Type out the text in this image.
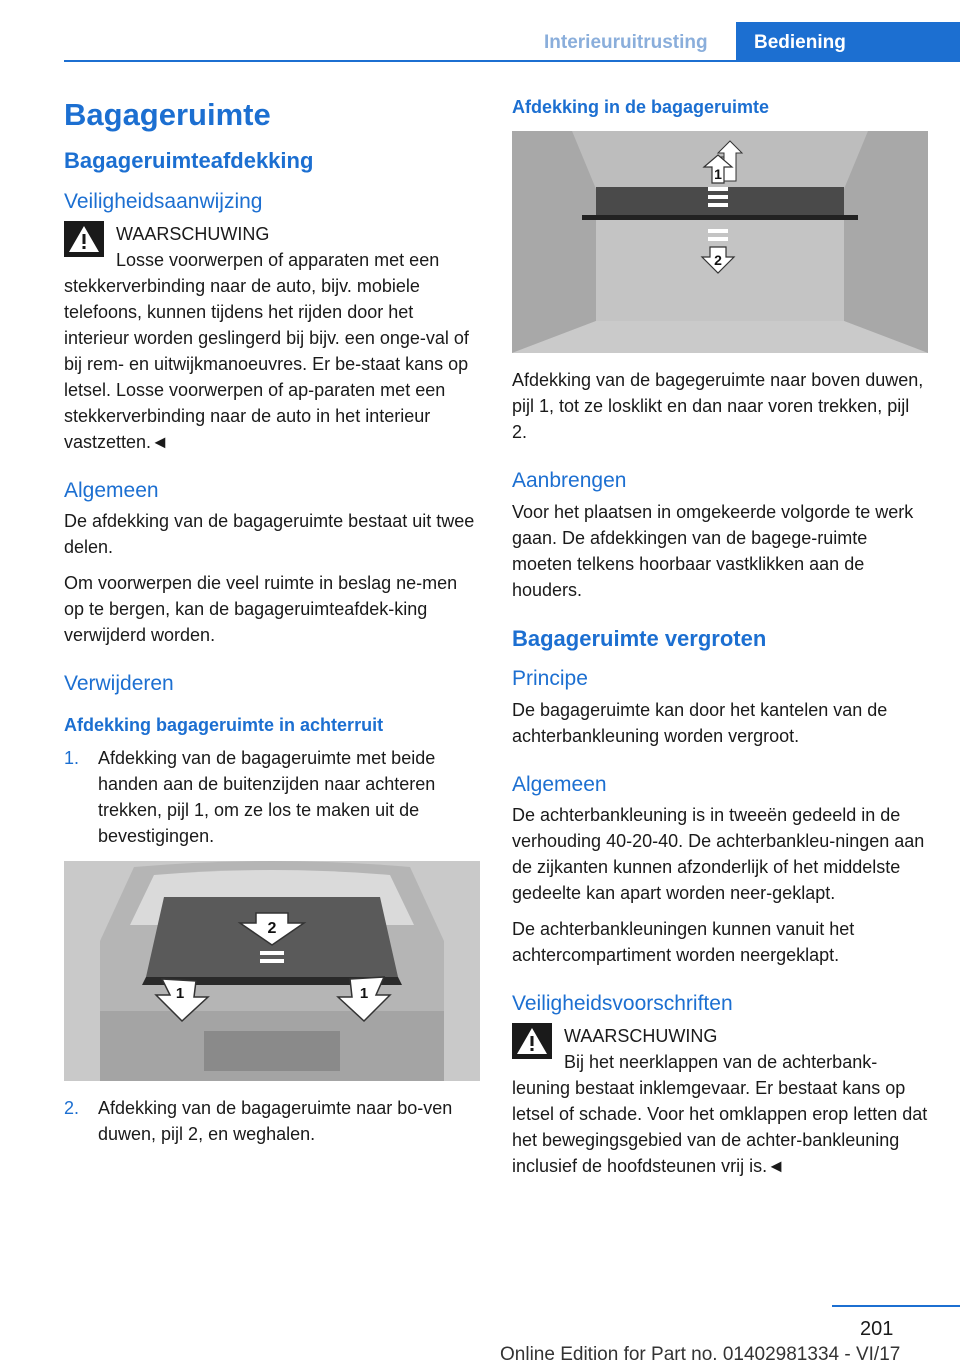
Interieuruitrusting	Bediening
Bagageruimte
Bagageruimteafdekking
Veiligheidsaanwijzing
WAARSCHUWING
Losse voorwerpen of apparaten met een
stekkerverbinding naar de auto, bijv. mobiele telefoons, kunnen tijdens het rijden door het interieur worden geslingerd bij bijv. een onge-val of bij rem- en uitwijkmanoeuvres. Er be-staat kans op letsel. Losse voorwerpen of ap-paraten met een stekkerverbinding naar de auto in het interieur vastzetten.◄
Algemeen

De afdekking van de bagageruimte bestaat uit twee delen.

Om voorwerpen die veel ruimte in beslag ne-men op te bergen, kan de bagageruimteafdek-king verwijderd worden.

Verwijderen
Afdekking bagageruimte in achterruit
1. Afdekking van de bagageruimte met beide handen aan de buitenzijden naar achteren trekken, pijl 1, om ze los te maken uit de bevestigingen.
2
1	1
2. Afdekking van de bagageruimte naar bo-ven duwen, pijl 2, en weghalen.
Afdekking in de bagageruimte
1
2

Afdekking van de bagegeruimte naar boven duwen, pijl 1, tot ze losklikt en dan naar voren trekken, pijl 2.

Aanbrengen

Voor het plaatsen in omgekeerde volgorde te werk gaan. De afdekkingen van de bagege-ruimte moeten telkens hoorbaar vastklikken aan de houders.

Bagageruimte vergroten
Principe

De bagageruimte kan door het kantelen van de achterbankleuning worden vergroot.

Algemeen

De achterbankleuning is in tweeën gedeeld in de verhouding 40-20-40. De achterbankleu-ningen aan de zijkanten kunnen afzonderlijk of het middelste gedeelte kan apart worden neer-geklapt.

De achterbankleuningen kunnen vanuit het achtercompartiment worden neergeklapt.

Veiligheidsvoorschriften
WAARSCHUWING
Bij het neerklappen van de achterbank-
leuning bestaat inklemgevaar. Er bestaat kans op letsel of schade. Voor het omklappen erop letten dat het bewegingsgebied van de achter-bankleuning inclusief de hoofdsteunen vrij is.◄
201
Online Edition for Part no. 01402981334 - VI/17
